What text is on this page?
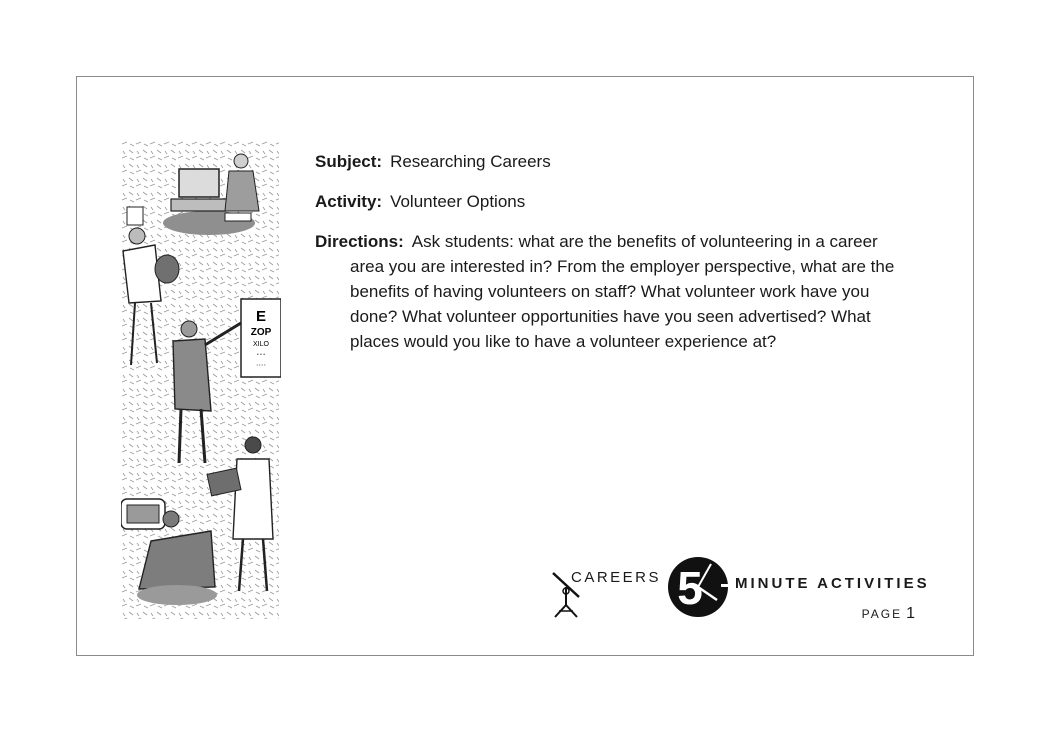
E
ZOP
XILO
• • •
• • • •

Subject: Researching Careers

Activity: Volunteer Options

Directions: Ask students: what are the benefits of volunteering in a career area you are interested in? From the employer perspective, what are the benefits of having volunteers on staff? What volunteer work have you done? What volunteer opportunities have you seen advertised? What places would you like to have a volunteer experience at?

CAREERS 5 MINUTE ACTIVITIES
PAGE 1
